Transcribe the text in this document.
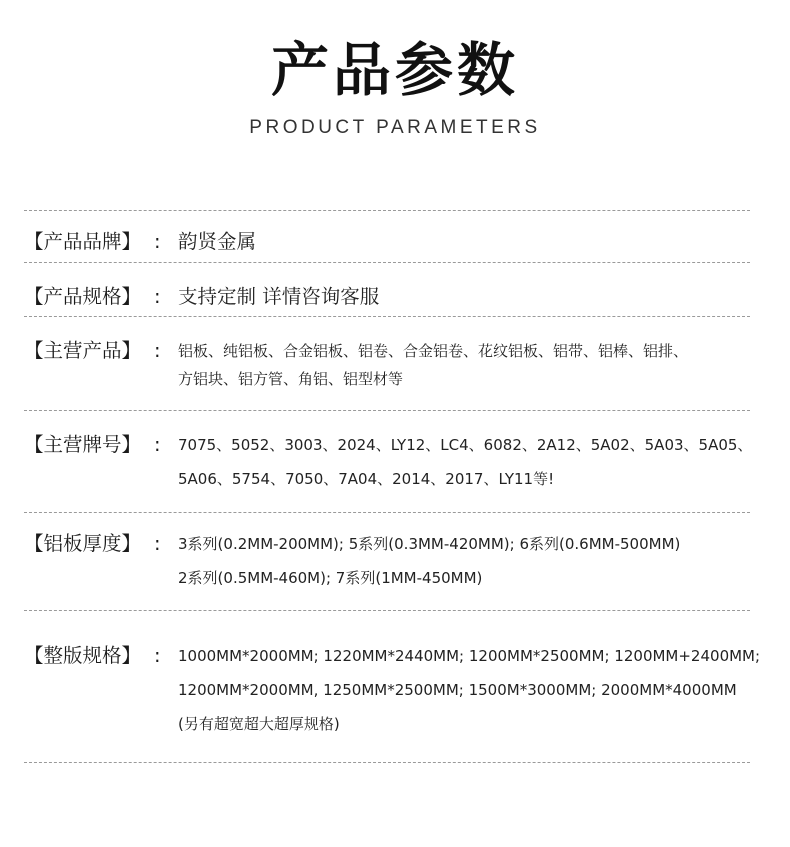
产品参数
PRODUCT PARAMETERS
【产品品牌】 : 韵贤金属
【产品规格】 : 支持定制 详情咨询客服
【主营产品】 : 铝板、纯铝板、合金铝板、铝卷、合金铝卷、花纹铝板、铝带、铝棒、铝排、
方铝块、铝方管、角铝、铝型材等
【主营牌号】 : 7075、5052、3003、2024、LY12、LC4、6082、2A12、5A02、5A03、5A05、
5A06、5754、7050、7A04、2014、2017、LY11等!
【铝板厚度】 : 3系列(0.2MM-200MM); 5系列(0.3MM-420MM); 6系列(0.6MM-500MM)
2系列(0.5MM-460M); 7系列(1MM-450MM)
【整版规格】 : 1000MM*2000MM; 1220MM*2440MM; 1200MM*2500MM; 1200MM+2400MM;
1200MM*2000MM, 1250MM*2500MM; 1500M*3000MM; 2000MM*4000MM
(另有超宽超大超厚规格)
